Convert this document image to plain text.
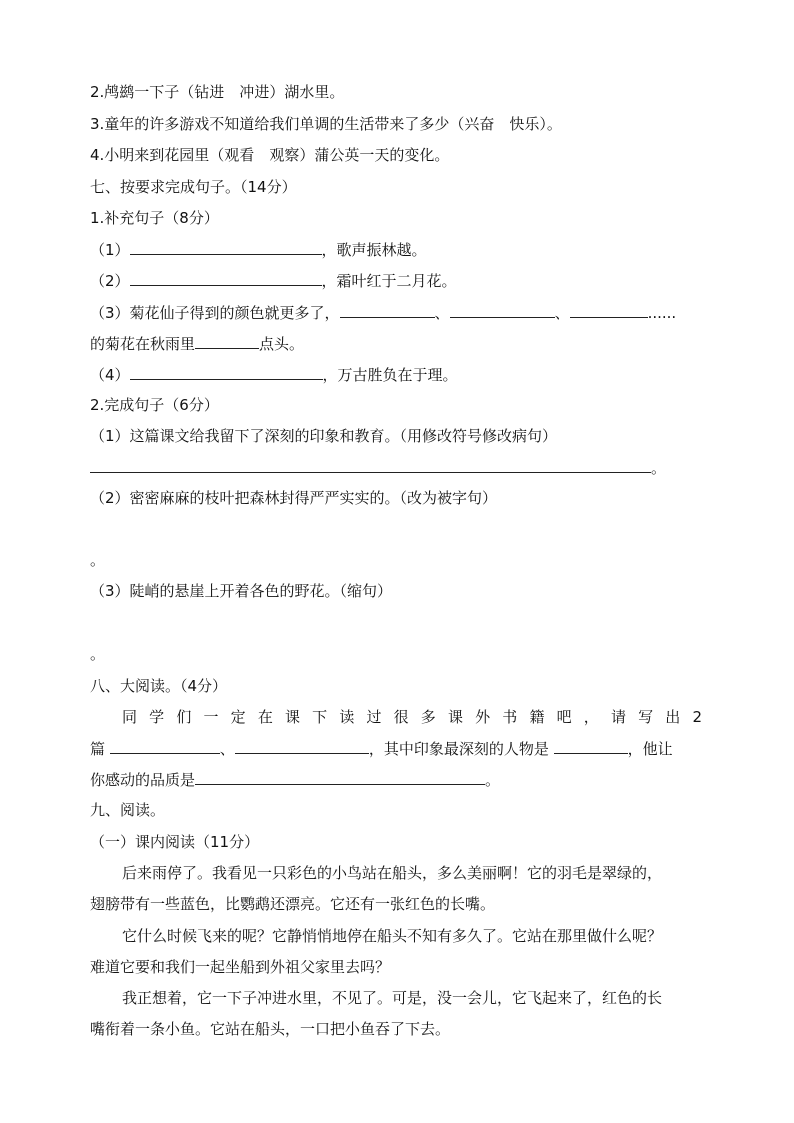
2.鸬鹚一下子（钻进　冲进）湖水里。
3.童年的许多游戏不知道给我们单调的生活带来了多少（兴奋　快乐）。
4.小明来到花园里（观看　观察）蒲公英一天的变化。
七、按要求完成句子。（14分）
1.补充句子（8分）
（1）	，歌声振林越。
（2）	，霜叶红于二月花。
（3）菊花仙子得到的颜色就更多了，	、	、	......
的菊花在秋雨里	点头。
（4）	，万古胜负在于理。
2.完成句子（6分）
（1）这篇课文给我留下了深刻的印象和教育。（用修改符号修改病句）
。
（2）密密麻麻的枝叶把森林封得严严实实的。（改为被字句）
。
（3）陡峭的悬崖上开着各色的野花。（缩句）
。
八、大阅读。（4分）
同学们一定在课下读过很多课外书籍吧，请写出2
篇	、	，其中印象最深刻的人物是	，他让
你感动的品质是	。
九、阅读。
（一）课内阅读（11分）
后来雨停了。我看见一只彩色的小鸟站在船头，多么美丽啊！它的羽毛是翠绿的，
翅膀带有一些蓝色，比鹦鹉还漂亮。它还有一张红色的长嘴。
它什么时候飞来的呢？它静悄悄地停在船头不知有多久了。它站在那里做什么呢？
难道它要和我们一起坐船到外祖父家里去吗？
我正想着，它一下子冲进水里，不见了。可是，没一会儿，它飞起来了，红色的长
嘴衔着一条小鱼。它站在船头，一口把小鱼吞了下去。
